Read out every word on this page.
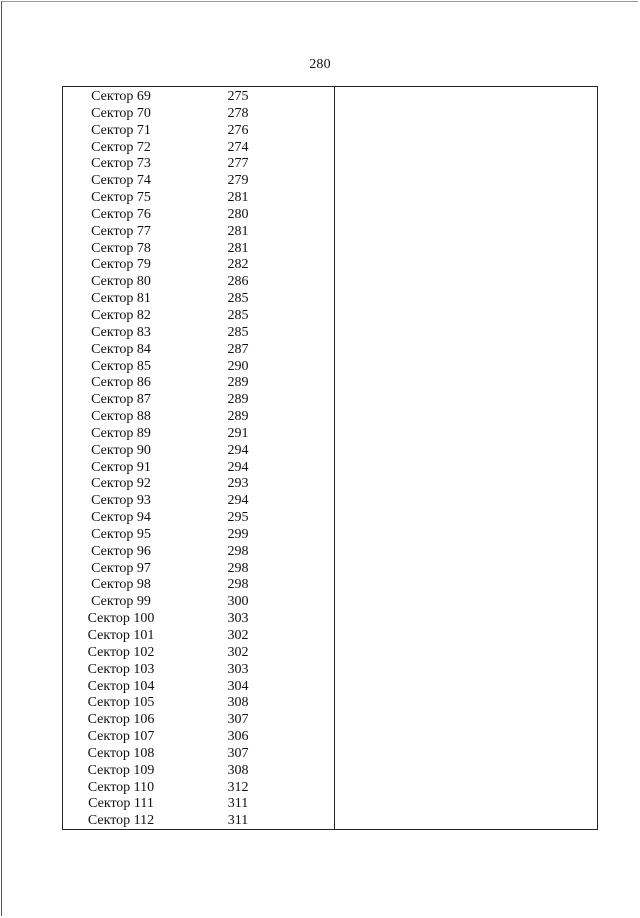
280
Сектор 69	275
Сектор 70	278
Сектор 71	276
Сектор 72	274
Сектор 73	277
Сектор 74	279
Сектор 75	281
Сектор 76	280
Сектор 77	281
Сектор 78	281
Сектор 79	282
Сектор 80	286
Сектор 81	285
Сектор 82	285
Сектор 83	285
Сектор 84	287
Сектор 85	290
Сектор 86	289
Сектор 87	289
Сектор 88	289
Сектор 89	291
Сектор 90	294
Сектор 91	294
Сектор 92	293
Сектор 93	294
Сектор 94	295
Сектор 95	299
Сектор 96	298
Сектор 97	298
Сектор 98	298
Сектор 99	300
Сектор 100	303
Сектор 101	302
Сектор 102	302
Сектор 103	303
Сектор 104	304
Сектор 105	308
Сектор 106	307
Сектор 107	306
Сектор 108	307
Сектор 109	308
Сектор 110	312
Сектор 111	311
Сектор 112	311
